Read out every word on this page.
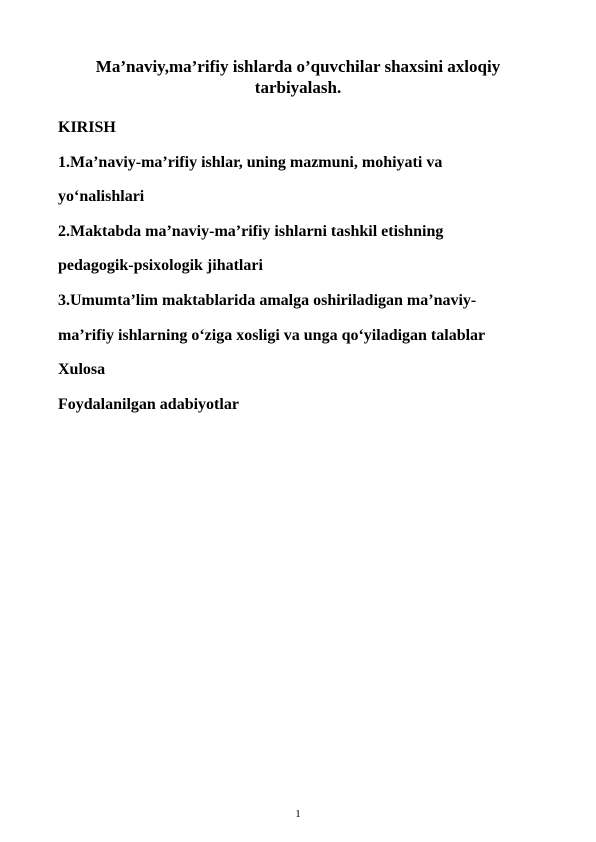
Ma’naviy,ma’rifiy ishlarda o’quvchilar shaxsini axloqiy tarbiyalash.
KIRISH
1.Ma’naviy-ma’rifiy ishlar, uning mazmuni, mohiyati va
yo‘nalishlari
2.Maktabda ma’naviy-ma’rifiy ishlarni tashkil etishning
pedagogik-psixologik jihatlari
3.Umumta’lim maktablarida amalga oshiriladigan ma’naviy-
ma’rifiy ishlarning o‘ziga xosligi va unga qo‘yiladigan talablar
Xulosa
Foydalanilgan adabiyotlar
1
